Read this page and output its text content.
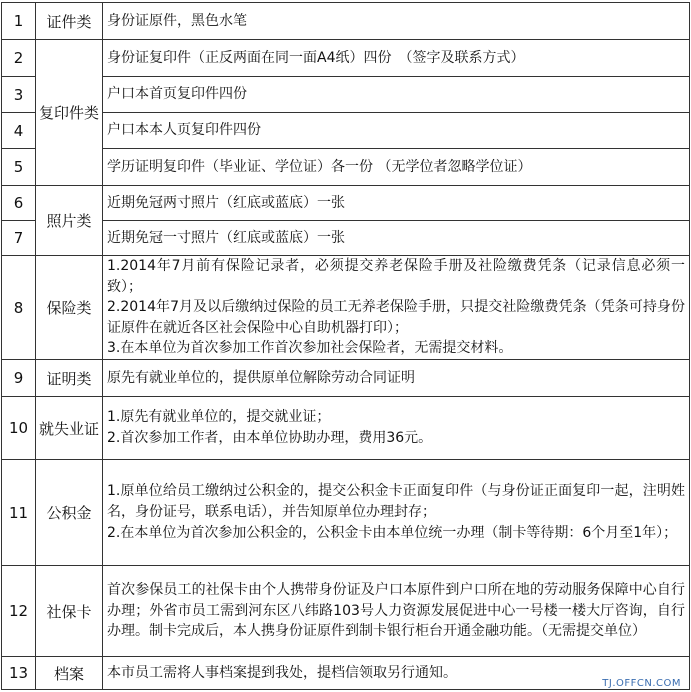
1	证件类	身份证原件，黑色水笔
2	复印件类	身份证复印件（正反两面在同一面A4纸）四份　（签字及联系方式）
3		户口本首页复印件四份
4		户口本本人页复印件四份
5		学历证明复印件（毕业证、学位证）各一份 （无学位者忽略学位证）
6	照片类	近期免冠两寸照片（红底或蓝底）一张
7		近期免冠一寸照片（红底或蓝底）一张
8	保险类	1.2014年7月前有保险记录者，必须提交养老保险手册及社险缴费凭条（记录信息必须一致）；

2.2014年7月及以后缴纳过保险的员工无养老保险手册，只提交社险缴费凭条（凭条可持身份证原件在就近各区社会保险中心自助机器打印）；

3.在本单位为首次参加工作首次参加社会保险者，无需提交材料。

9	证明类	原先有就业单位的，提供原单位解除劳动合同证明
10	就失业证	1.原先有就业单位的，提交就业证；

2.首次参加工作者，由本单位协助办理，费用36元。

11	公积金	1.原单位给员工缴纳过公积金的，提交公积金卡正面复印件（与身份证正面复印一起，注明姓名，身份证号，联系电话），并告知原单位办理封存；

2.在本单位为首次参加公积金的，公积金卡由本单位统一办理（制卡等待期：6个月至1年）；

12	社保卡	首次参保员工的社保卡由个人携带身份证及户口本原件到户口所在地的劳动服务保障中心自行办理；外省市员工需到河东区八纬路103号人力资源发展促进中心一号楼一楼大厅咨询，自行办理。制卡完成后，本人携身份证原件到制卡银行柜台开通金融功能。（无需提交单位）
13	档案	本市员工需将人事档案提到我处，提档信领取另行通知。
TJ.OFFCN.COM
